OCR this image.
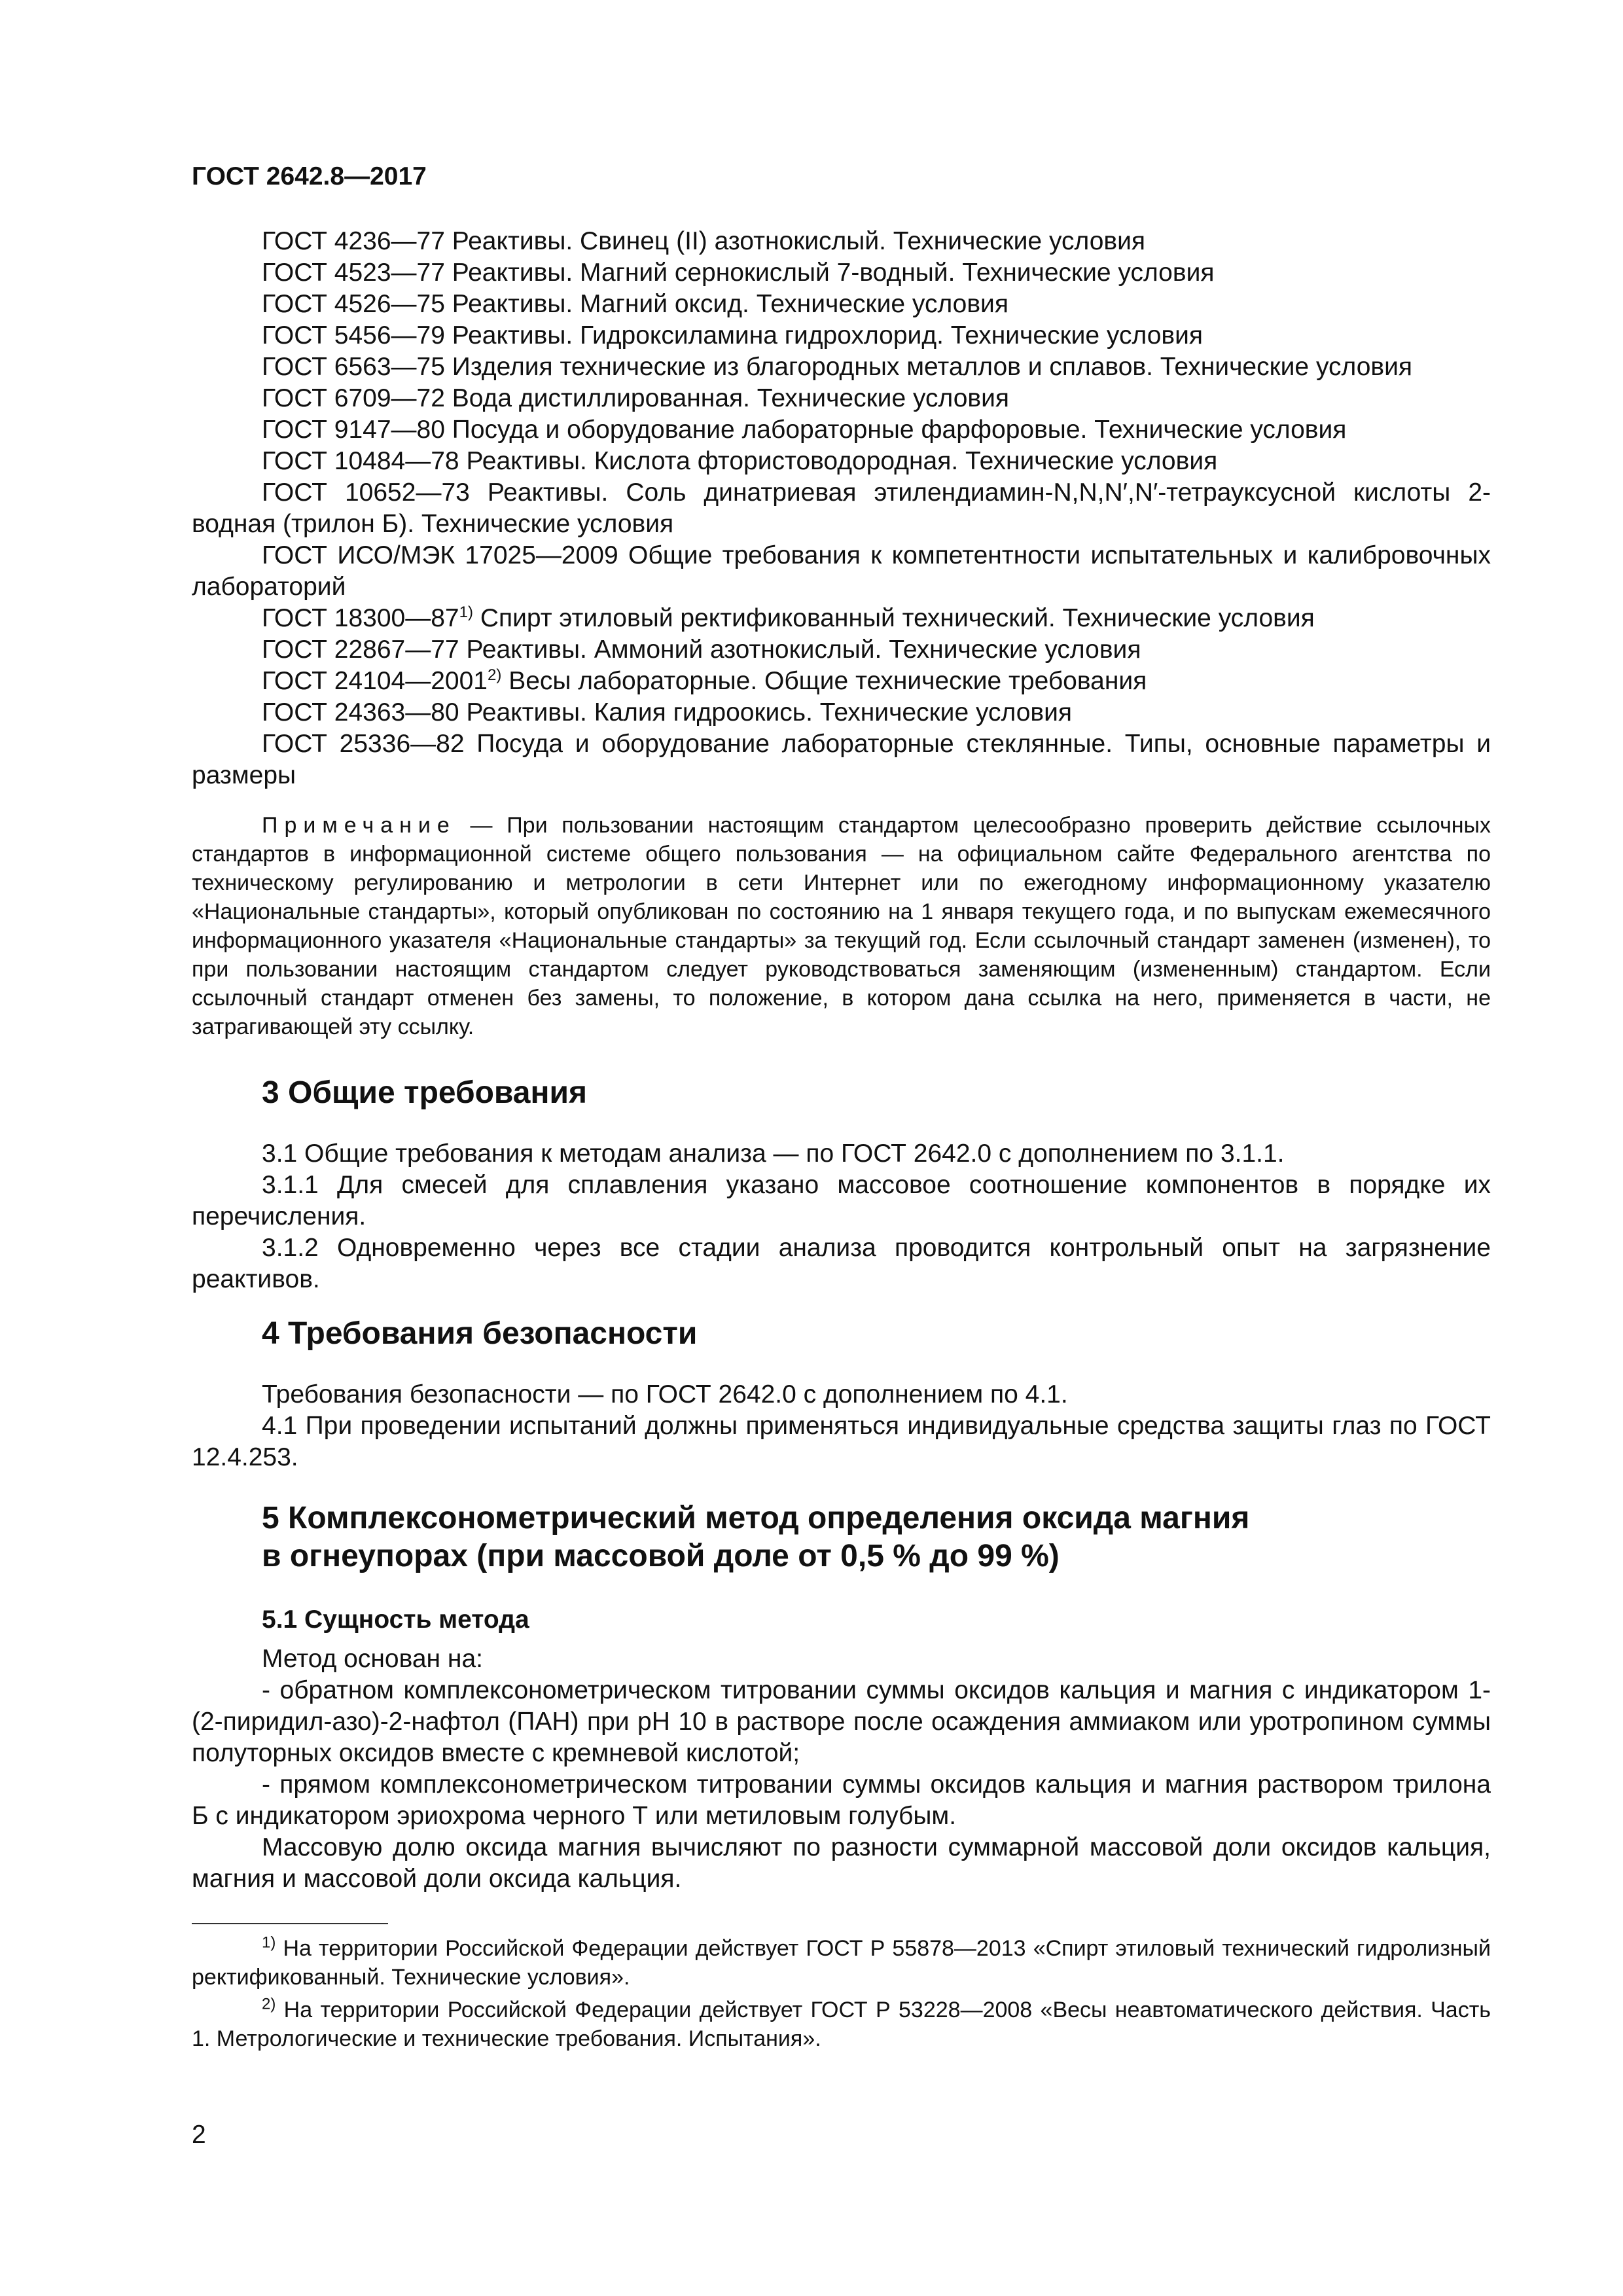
ГОСТ 2642.8—2017

ГОСТ 4236—77 Реактивы. Свинец (II) азотнокислый. Технические условия

ГОСТ 4523—77 Реактивы. Магний сернокислый 7-водный. Технические условия

ГОСТ 4526—75 Реактивы. Магний оксид. Технические условия

ГОСТ 5456—79 Реактивы. Гидроксиламина гидрохлорид. Технические условия

ГОСТ 6563—75 Изделия технические из благородных металлов и сплавов. Технические условия

ГОСТ 6709—72 Вода дистиллированная. Технические условия

ГОСТ 9147—80 Посуда и оборудование лабораторные фарфоровые. Технические условия

ГОСТ 10484—78 Реактивы. Кислота фтористоводородная. Технические условия

ГОСТ 10652—73 Реактивы. Соль динатриевая этилендиамин-N,N,N′,N′-тетрауксусной кислоты 2-водная (трилон Б). Технические условия

ГОСТ ИСО/МЭК 17025—2009 Общие требования к компетентности испытательных и калибровочных лабораторий

ГОСТ 18300—87$^{1)}$ Спирт этиловый ректификованный технический. Технические условия

ГОСТ 22867—77 Реактивы. Аммоний азотнокислый. Технические условия

ГОСТ 24104—2001$^{2)}$ Весы лабораторные. Общие технические требования

ГОСТ 24363—80 Реактивы. Калия гидроокись. Технические условия

ГОСТ 25336—82 Посуда и оборудование лабораторные стеклянные. Типы, основные параметры и размеры

Примечание — При пользовании настоящим стандартом целесообразно проверить действие ссылочных стандартов в информационной системе общего пользования — на официальном сайте Федерального агентства по техническому регулированию и метрологии в сети Интернет или по ежегодному информационному указателю «Национальные стандарты», который опубликован по состоянию на 1 января текущего года, и по выпускам ежемесячного информационного указателя «Национальные стандарты» за текущий год. Если ссылочный стандарт заменен (изменен), то при пользовании настоящим стандартом следует руководствоваться заменяющим (измененным) стандартом. Если ссылочный стандарт отменен без замены, то положение, в котором дана ссылка на него, применяется в части, не затрагивающей эту ссылку.

3 Общие требования

3.1 Общие требования к методам анализа — по ГОСТ 2642.0 с дополнением по 3.1.1.

3.1.1 Для смесей для сплавления указано массовое соотношение компонентов в порядке их перечисления.

3.1.2 Одновременно через все стадии анализа проводится контрольный опыт на загрязнение реактивов.

4 Требования безопасности

Требования безопасности — по ГОСТ 2642.0 с дополнением по 4.1.

4.1 При проведении испытаний должны применяться индивидуальные средства защиты глаз по ГОСТ 12.4.253.

5 Комплексонометрический метод определения оксида магния
в огнеупорах (при массовой доле от 0,5 % до 99 %)
5.1 Сущность метода

Метод основан на:

- обратном комплексонометрическом титровании суммы оксидов кальция и магния с индикатором 1-(2-пиридил-азо)-2-нафтол (ПАН) при рН 10 в растворе после осаждения аммиаком или уротропином суммы полуторных оксидов вместе с кремневой кислотой;

- прямом комплексонометрическом титровании суммы оксидов кальция и магния раствором трилона Б с индикатором эриохрома черного Т или метиловым голубым.

Массовую долю оксида магния вычисляют по разности суммарной массовой доли оксидов кальция, магния и массовой доли оксида кальция.

$^{1)}$ На территории Российской Федерации действует ГОСТ Р 55878—2013 «Спирт этиловый технический гидролизный ректификованный. Технические условия».

$^{2)}$ На территории Российской Федерации действует ГОСТ Р 53228—2008 «Весы неавтоматического действия. Часть 1. Метрологические и технические требования. Испытания».

2
